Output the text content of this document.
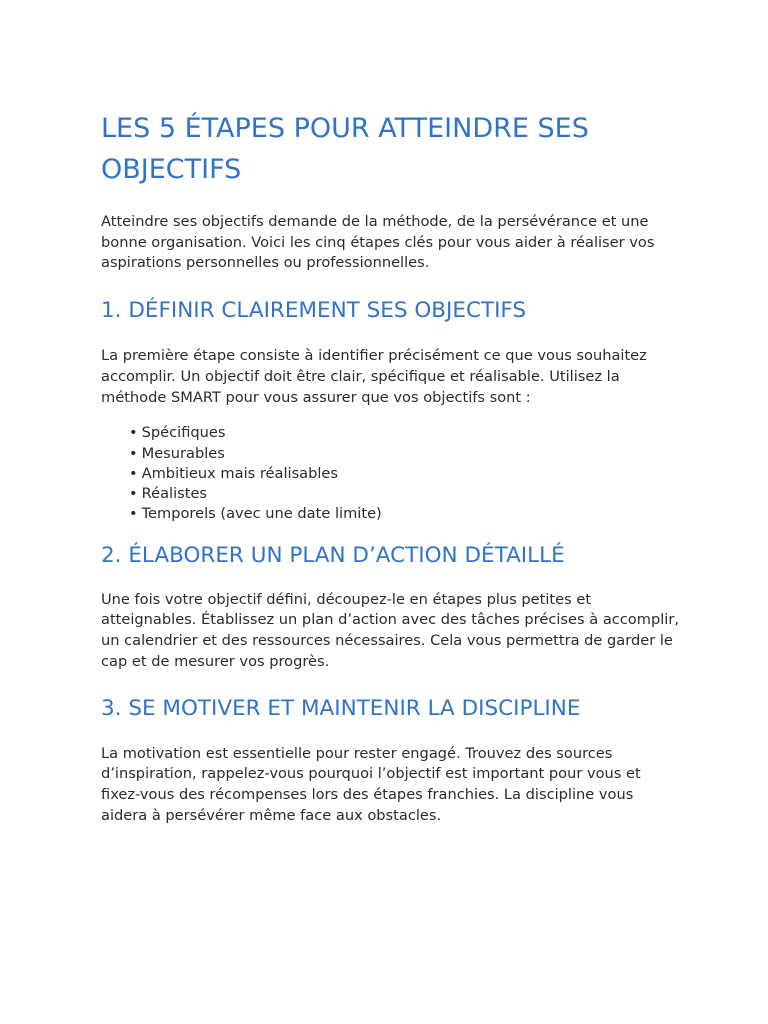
LES 5 ÉTAPES POUR ATTEINDRE SES OBJECTIFS

Atteindre ses objectifs demande de la méthode, de la persévérance et une bonne organisation. Voici les cinq étapes clés pour vous aider à réaliser vos aspirations personnelles ou professionnelles.

1. DÉFINIR CLAIREMENT SES OBJECTIFS

La première étape consiste à identifier précisément ce que vous souhaitez accomplir. Un objectif doit être clair, spécifique et réalisable. Utilisez la méthode SMART pour vous assurer que vos objectifs sont :

• Spécifiques
• Mesurables
• Ambitieux mais réalisables
• Réalistes
• Temporels (avec une date limite)
2. ÉLABORER UN PLAN D’ACTION DÉTAILLÉ

Une fois votre objectif défini, découpez-le en étapes plus petites et atteignables. Établissez un plan d’action avec des tâches précises à accomplir, un calendrier et des ressources nécessaires. Cela vous permettra de garder le cap et de mesurer vos progrès.

3. SE MOTIVER ET MAINTENIR LA DISCIPLINE

La motivation est essentielle pour rester engagé. Trouvez des sources d’inspiration, rappelez-vous pourquoi l’objectif est important pour vous et fixez-vous des récompenses lors des étapes franchies. La discipline vous aidera à persévérer même face aux obstacles.
